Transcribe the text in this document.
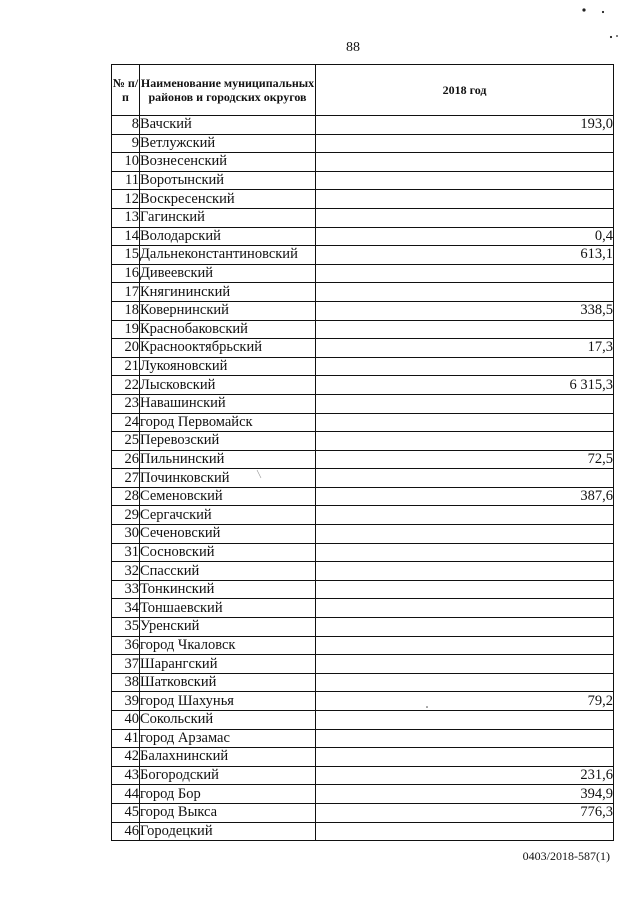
88
№ п/п	Наименование муниципальных районов и городских округов	2018 год
8	Вачский	193,0
9	Ветлужский	
10	Вознесенский	
11	Воротынский	
12	Воскресенский	
13	Гагинский	
14	Володарский	0,4
15	Дальнеконстантиновский	613,1
16	Дивеевский	
17	Княгининский	
18	Ковернинский	338,5
19	Краснобаковский	
20	Краснооктябрьский	17,3
21	Лукояновский	
22	Лысковский	6 315,3
23	Навашинский	
24	город Первомайск	
25	Перевозский	
26	Пильнинский	72,5
27	Починковский	
28	Семеновский	387,6
29	Сергачский	
30	Сеченовский	
31	Сосновский	
32	Спасский	
33	Тонкинский	
34	Тоншаевский	
35	Уренский	
36	город Чкаловск	
37	Шарангский	
38	Шатковский	
39	город Шахунья	79,2
40	Сокольский	
41	город Арзамас	
42	Балахнинский	
43	Богородский	231,6
44	город Бор	394,9
45	город Выкса	776,3
46	Городецкий	
0403/2018-587(1)
